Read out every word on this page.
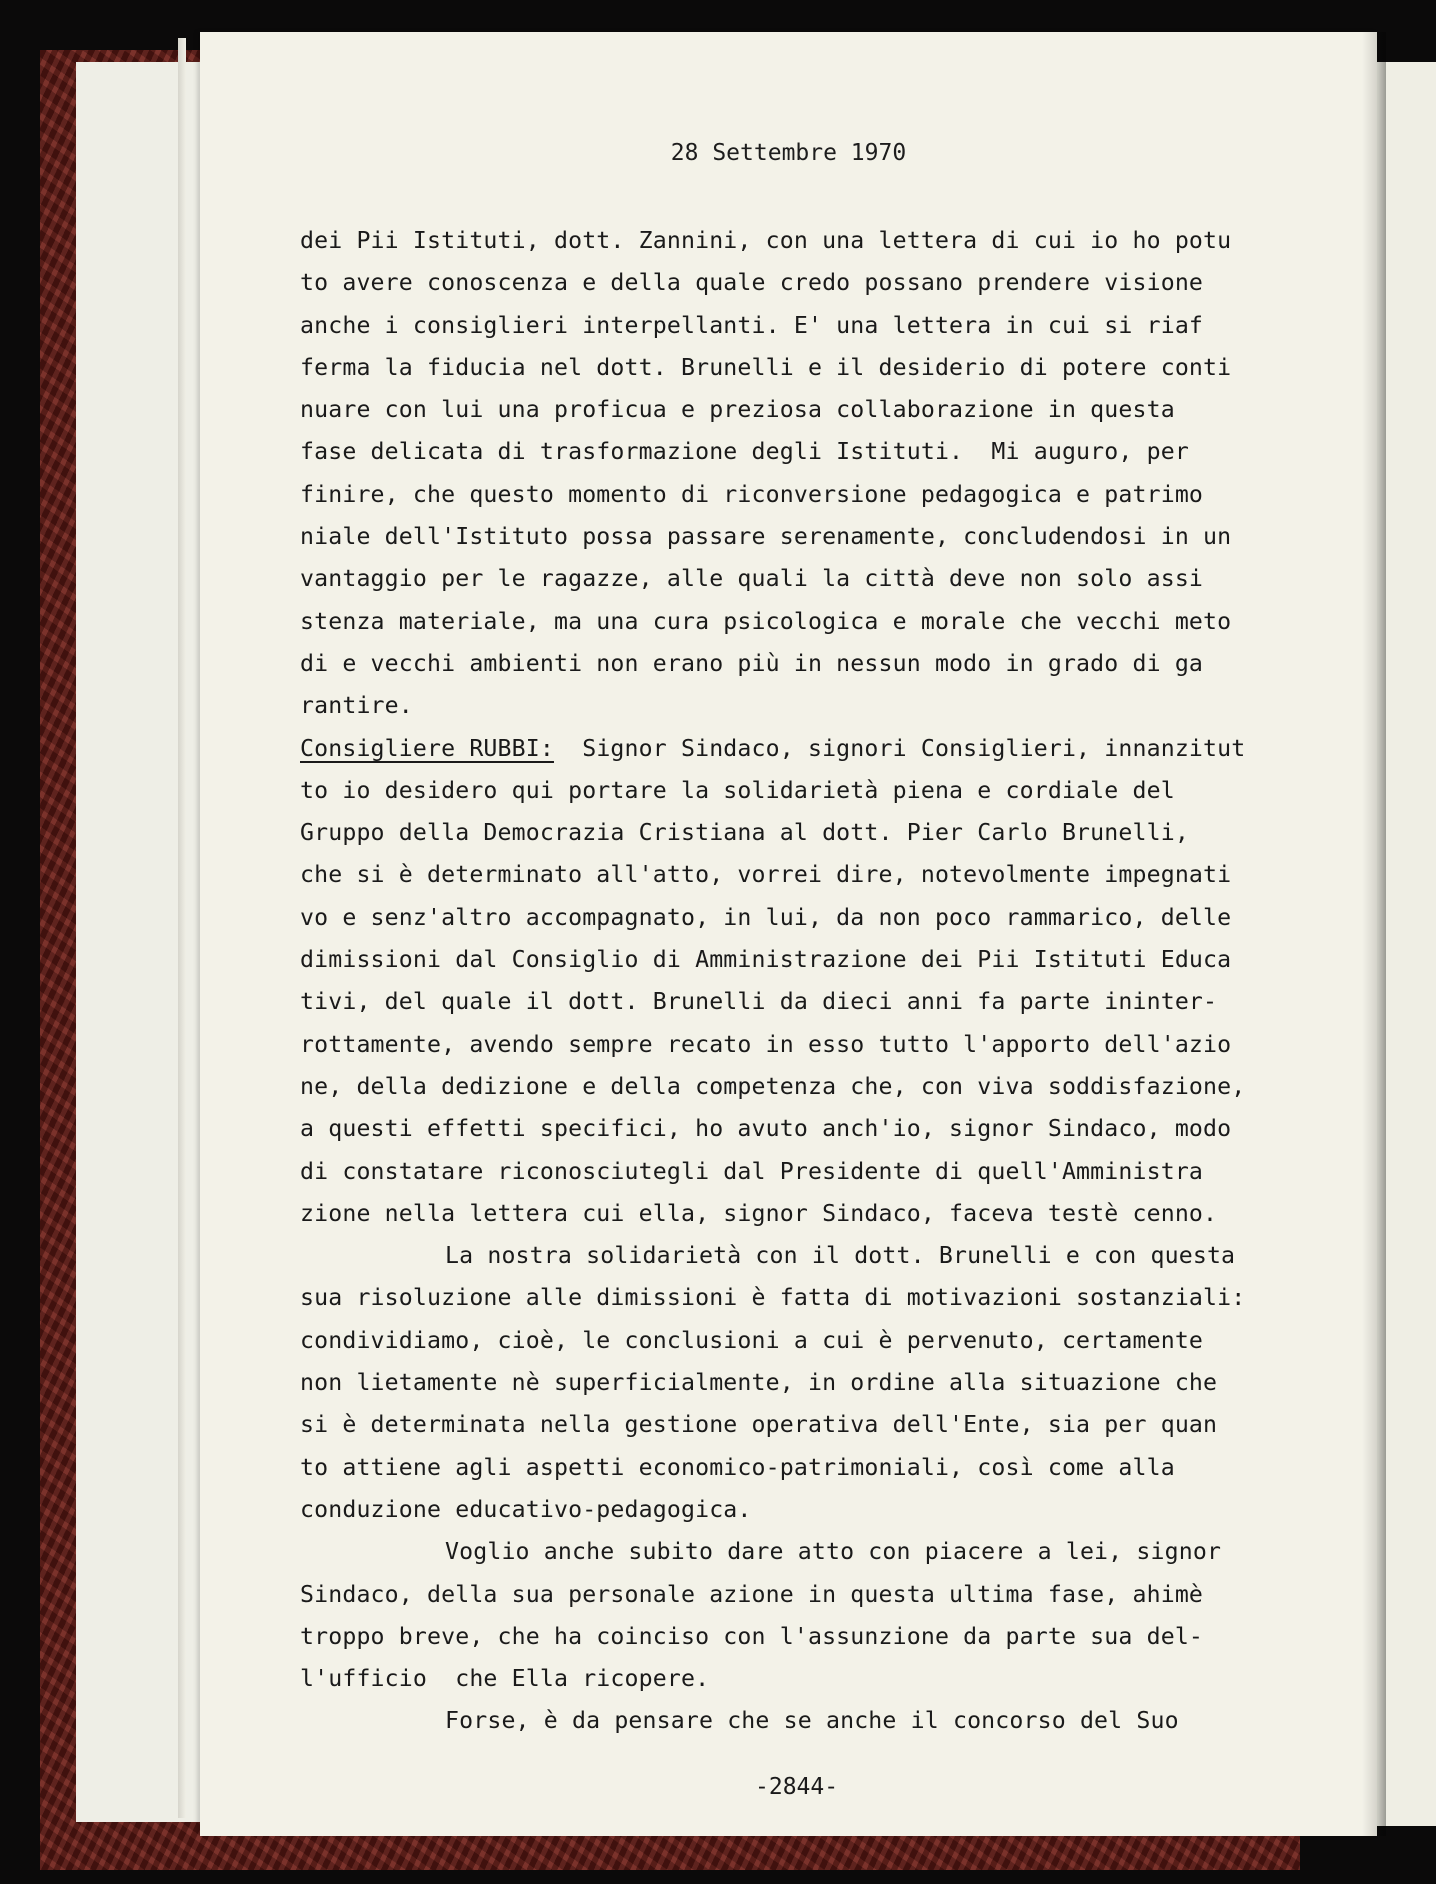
28 Settembre 1970
dei Pii Istituti, dott. Zannini, con una lettera di cui io ho potu
to avere conoscenza e della quale credo possano prendere visione
anche i consiglieri interpellanti. E' una lettera in cui si riaf
ferma la fiducia nel dott. Brunelli e il desiderio di potere conti
nuare con lui una proficua e preziosa collaborazione in questa
fase delicata di trasformazione degli Istituti.  Mi auguro, per
finire, che questo momento di riconversione pedagogica e patrimo
niale dell'Istituto possa passare serenamente, concludendosi in un
vantaggio per le ragazze, alle quali la città deve non solo assi
stenza materiale, ma una cura psicologica e morale che vecchi meto
di e vecchi ambienti non erano più in nessun modo in grado di ga
rantire.
Consigliere RUBBI:  Signor Sindaco, signori Consiglieri, innanzitut
to io desidero qui portare la solidarietà piena e cordiale del
Gruppo della Democrazia Cristiana al dott. Pier Carlo Brunelli,
che si è determinato all'atto, vorrei dire, notevolmente impegnati
vo e senz'altro accompagnato, in lui, da non poco rammarico, delle
dimissioni dal Consiglio di Amministrazione dei Pii Istituti Educa
tivi, del quale il dott. Brunelli da dieci anni fa parte ininter-
rottamente, avendo sempre recato in esso tutto l'apporto dell'azio
ne, della dedizione e della competenza che, con viva soddisfazione,
a questi effetti specifici, ho avuto anch'io, signor Sindaco, modo
di constatare riconosciutegli dal Presidente di quell'Amministra
zione nella lettera cui ella, signor Sindaco, faceva testè cenno.
La nostra solidarietà con il dott. Brunelli e con questa
sua risoluzione alle dimissioni è fatta di motivazioni sostanziali:
condividiamo, cioè, le conclusioni a cui è pervenuto, certamente
non lietamente nè superficialmente, in ordine alla situazione che
si è determinata nella gestione operativa dell'Ente, sia per quan
to attiene agli aspetti economico-patrimoniali, così come alla
conduzione educativo-pedagogica.
Voglio anche subito dare atto con piacere a lei, signor
Sindaco, della sua personale azione in questa ultima fase, ahimè
troppo breve, che ha coinciso con l'assunzione da parte sua del-
l'ufficio  che Ella ricopere.
Forse, è da pensare che se anche il concorso del Suo
-2844-
